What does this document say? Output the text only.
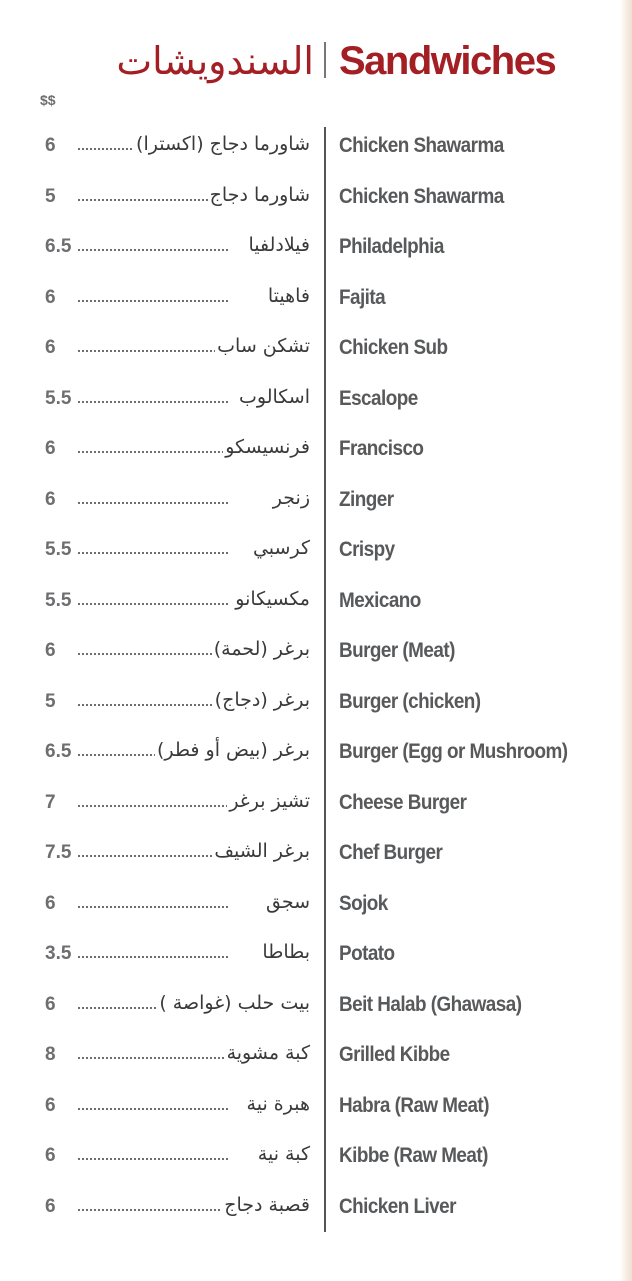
السندويشات Sandwiches
$$
6	شاورما دجاج (اكسترا) Chicken Shawarma
5	شاورما دجاج Chicken Shawarma
6.5	فيلادلفيا Philadelphia
6	فاهيتا Fajita
6	تشكن ساب Chicken Sub
5.5	اسكالوب Escalope
6	فرنسيسكو Francisco
6	زنجر Zinger
5.5	كرسبي Crispy
5.5	مكسيكانو Mexicano
6	برغر (لحمة) Burger (Meat)
5	برغر (دجاج) Burger (chicken)
6.5	برغر (بيض أو فطر) Burger (Egg or Mushroom)
7	تشيز برغر Cheese Burger
7.5	برغر الشيف Chef Burger
6	سجق Sojok
3.5	بطاطا Potato
6	بيت حلب (غواصة ) Beit Halab (Ghawasa)
8	كبة مشوية Grilled Kibbe
6	هبرة نية Habra (Raw Meat)
6	كبة نية Kibbe (Raw Meat)
6	قصبة دجاج Chicken Liver
